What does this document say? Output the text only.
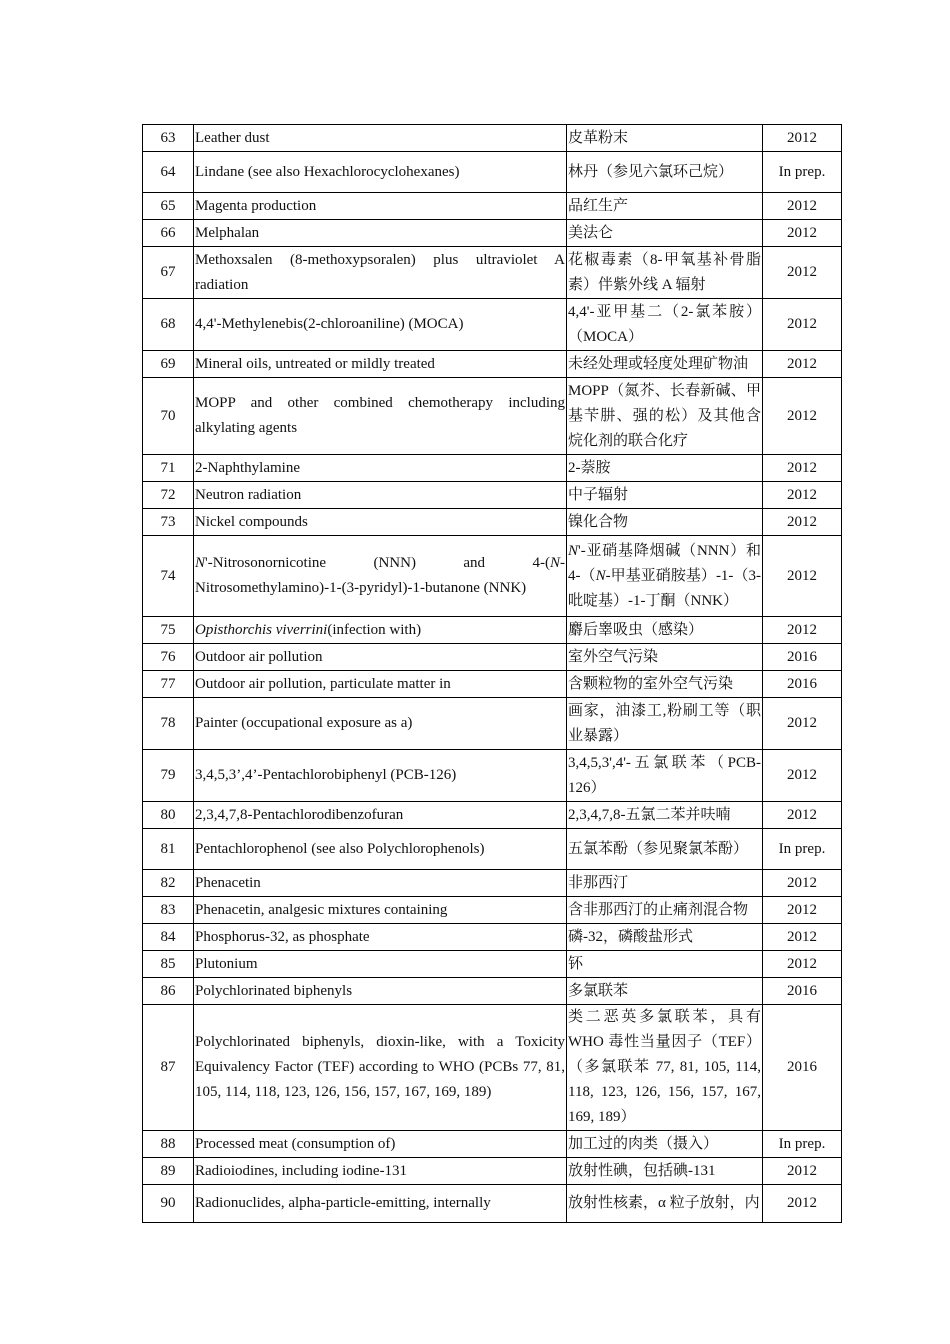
63	Leather dust	皮革粉末	2012
64	Lindane (see also Hexachlorocyclohexanes)	林丹（参见六氯环己烷）	In prep.
65	Magenta production	品红生产	2012
66	Melphalan	美法仑	2012
67	Methoxsalen (8-methoxypsoralen) plus ultraviolet A radiation	花椒毒素（8-甲氧基补骨脂素）伴紫外线 A 辐射	2012
68	4,4'-Methylenebis(2-chloroaniline) (MOCA)	4,4'-亚甲基二（2-氯苯胺）（MOCA）	2012
69	Mineral oils, untreated or mildly treated	未经处理或轻度处理矿物油	2012
70	MOPP and other combined chemotherapy including alkylating agents	MOPP（氮芥、长春新碱、甲基苄肼、强的松）及其他含烷化剂的联合化疗	2012
71	2-Naphthylamine	2-萘胺	2012
72	Neutron radiation	中子辐射	2012
73	Nickel compounds	镍化合物	2012
74	N'-Nitrosonornicotine (NNN) and 4-(N-Nitrosomethylamino)-1-(3-pyridyl)-1-butanone (NNK)	N'-亚硝基降烟碱（NNN）和 4-（N-甲基亚硝胺基）-1-（3-吡啶基）-1-丁酮（NNK）	2012
75	Opisthorchis viverrini(infection with)	麝后睾吸虫（感染）	2012
76	Outdoor air pollution	室外空气污染	2016
77	Outdoor air pollution, particulate matter in	含颗粒物的室外空气污染	2016
78	Painter (occupational exposure as a)	画家，油漆工,粉刷工等（职业暴露）	2012
79	3,4,5,3’,4’-Pentachlorobiphenyl (PCB-126)	3,4,5,3',4'-五氯联苯（PCB-126）	2012
80	2,3,4,7,8-Pentachlorodibenzofuran	2,3,4,7,8-五氯二苯并呋喃	2012
81	Pentachlorophenol (see also Polychlorophenols)	五氯苯酚（参见聚氯苯酚）	In prep.
82	Phenacetin	非那西汀	2012
83	Phenacetin, analgesic mixtures containing	含非那西汀的止痛剂混合物	2012
84	Phosphorus-32, as phosphate	磷-32，磷酸盐形式	2012
85	Plutonium	钚	2012
86	Polychlorinated biphenyls	多氯联苯	2016
87	Polychlorinated biphenyls, dioxin-like, with a Toxicity Equivalency Factor (TEF) according to WHO (PCBs 77, 81, 105, 114, 118, 123, 126, 156, 157, 167, 169, 189)	类二恶英多氯联苯，具有 WHO 毒性当量因子（TEF）（多氯联苯 77, 81, 105, 114, 118, 123, 126, 156, 157, 167, 169, 189）	2016
88	Processed meat (consumption of)	加工过的肉类（摄入）	In prep.
89	Radioiodines, including iodine-131	放射性碘，包括碘-131	2012
90	Radionuclides, alpha-particle-emitting, internally	放射性核素，α 粒子放射，内	2012
